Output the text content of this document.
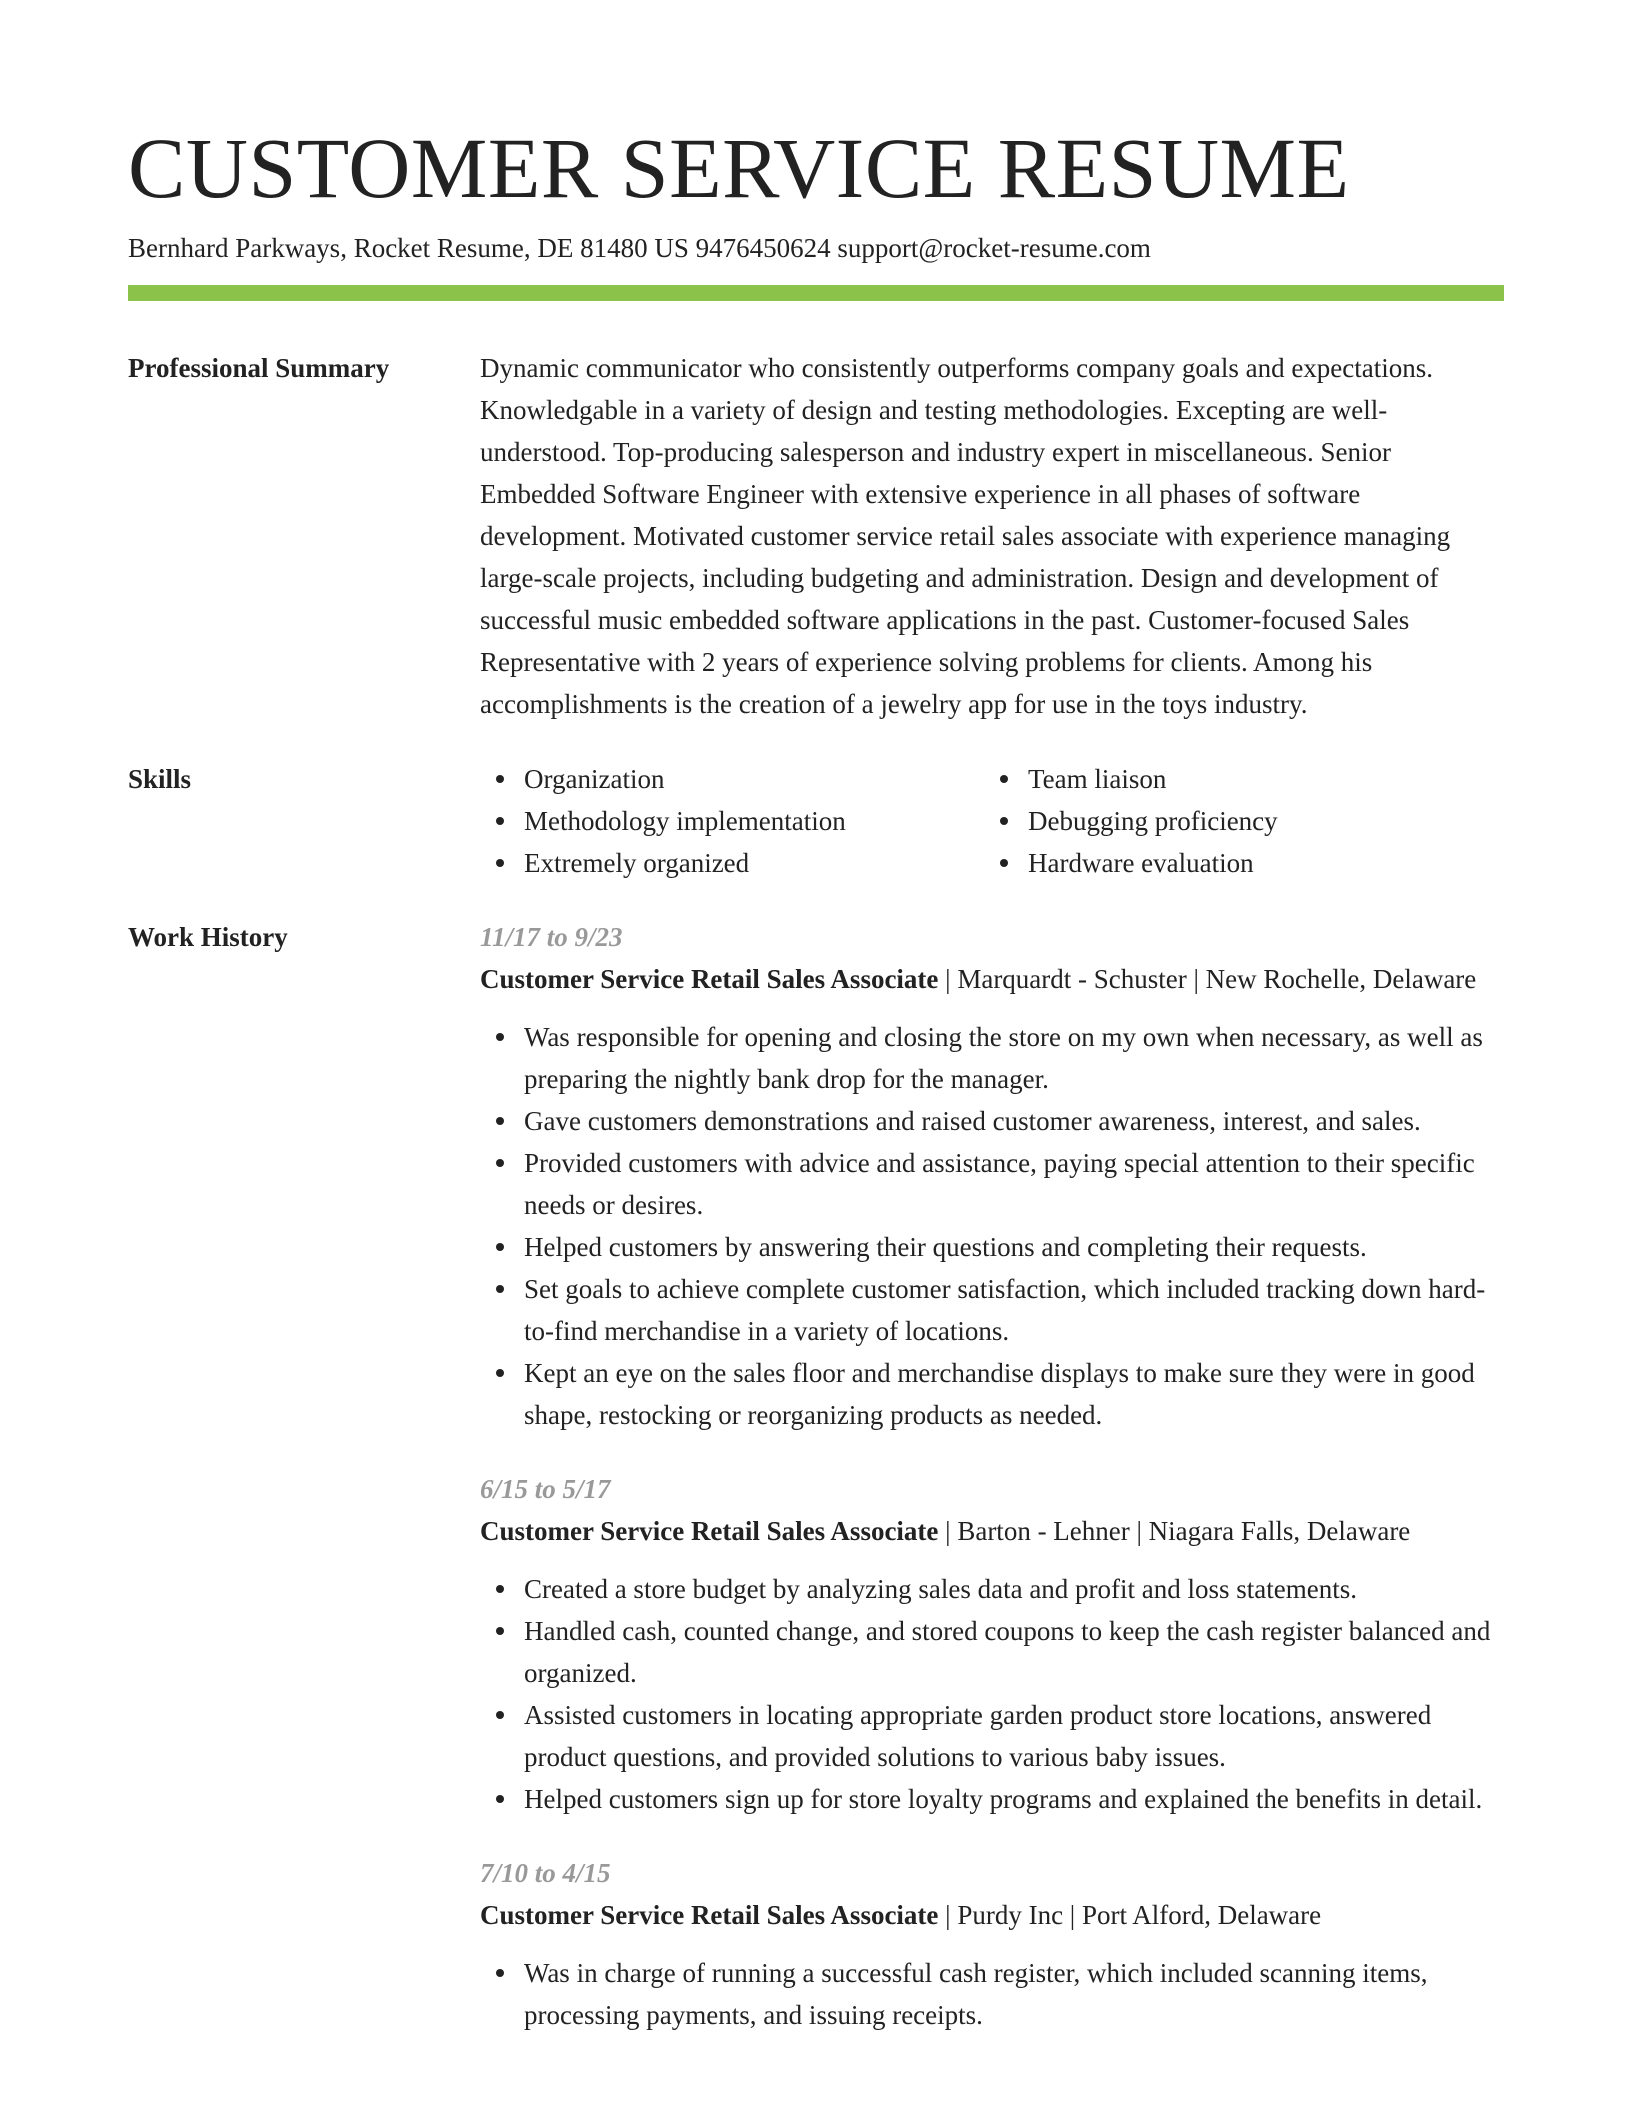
CUSTOMER SERVICE RESUME
Bernhard Parkways, Rocket Resume, DE 81480 US 9476450624 support@rocket-resume.com
Professional Summary	Dynamic communicator who consistently outperforms company goals and expectations. Knowledgable in a variety of design and testing methodologies. Excepting are well-understood. Top-producing salesperson and industry expert in miscellaneous. Senior Embedded Software Engineer with extensive experience in all phases of software development. Motivated customer service retail sales associate with experience managing large-scale projects, including budgeting and administration. Design and development of successful music embedded software applications in the past. Customer-focused Sales Representative with 2 years of experience solving problems for clients. Among his accomplishments is the creation of a jewelry app for use in the toys industry.
Skills	Organization
Methodology implementation
Extremely organized
Team liaison
Debugging proficiency
Hardware evaluation
Work History	11/17 to 9/23
Customer Service Retail Sales Associate | Marquardt - Schuster | New Rochelle, Delaware
Was responsible for opening and closing the store on my own when necessary, as well as preparing the nightly bank drop for the manager.
Gave customers demonstrations and raised customer awareness, interest, and sales.
Provided customers with advice and assistance, paying special attention to their specific needs or desires.
Helped customers by answering their questions and completing their requests.
Set goals to achieve complete customer satisfaction, which included tracking down hard-to-find merchandise in a variety of locations.
Kept an eye on the sales floor and merchandise displays to make sure they were in good shape, restocking or reorganizing products as needed.
6/15 to 5/17
Customer Service Retail Sales Associate | Barton - Lehner | Niagara Falls, Delaware
Created a store budget by analyzing sales data and profit and loss statements.
Handled cash, counted change, and stored coupons to keep the cash register balanced and organized.
Assisted customers in locating appropriate garden product store locations, answered product questions, and provided solutions to various baby issues.
Helped customers sign up for store loyalty programs and explained the benefits in detail.
7/10 to 4/15
Customer Service Retail Sales Associate | Purdy Inc | Port Alford, Delaware
Was in charge of running a successful cash register, which included scanning items, processing payments, and issuing receipts.
